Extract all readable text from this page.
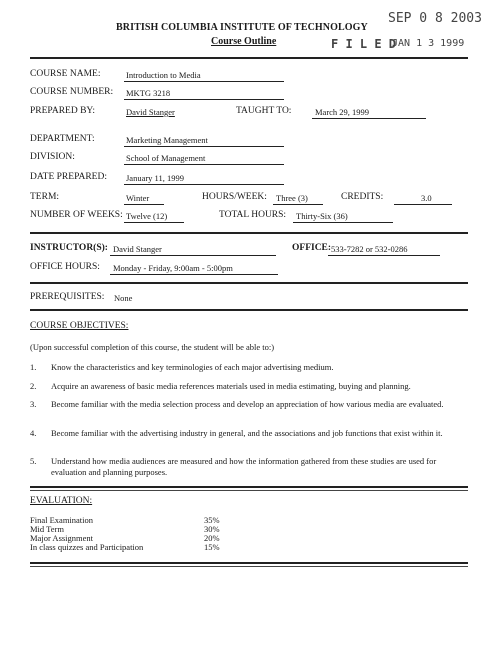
BRITISH COLUMBIA INSTITUTE OF TECHNOLOGY
Course Outline
SEP 0 8 2003
F I L E D
JAN 1 3 1999
COURSE NAME:	Introduction to Media
COURSE NUMBER: MKTG 3218
PREPARED BY:	David Stanger	TAUGHT TO:	March 29, 1999
DEPARTMENT:	Marketing Management
DIVISION:	School of Management
DATE PREPARED: January 11, 1999
TERM:	Winter	HOURS/WEEK: Three (3)	CREDITS:	3.0
NUMBER OF WEEKS: Twelve (12)	TOTAL HOURS: Thirty-Six (36)
INSTRUCTOR(S): David Stanger	OFFICE: 533-7282 or 532-0286
OFFICE HOURS: Monday - Friday, 9:00am - 5:00pm
PREREQUISITES: None
COURSE OBJECTIVES:
(Upon successful completion of this course, the student will be able to:)
1. Know the characteristics and key terminologies of each major advertising medium.
2. Acquire an awareness of basic media references materials used in media estimating, buying and planning.
3. Become familiar with the media selection process and develop an appreciation of how various media are evaluated.
4. Become familiar with the advertising industry in general, and the associations and job functions that exist within it.
5. Understand how media audiences are measured and how the information gathered from these studies are used for evaluation and planning purposes.
EVALUATION:
Final Examination	35%
Mid Term	30%
Major Assignment	20%
In class quizzes and Participation	15%
